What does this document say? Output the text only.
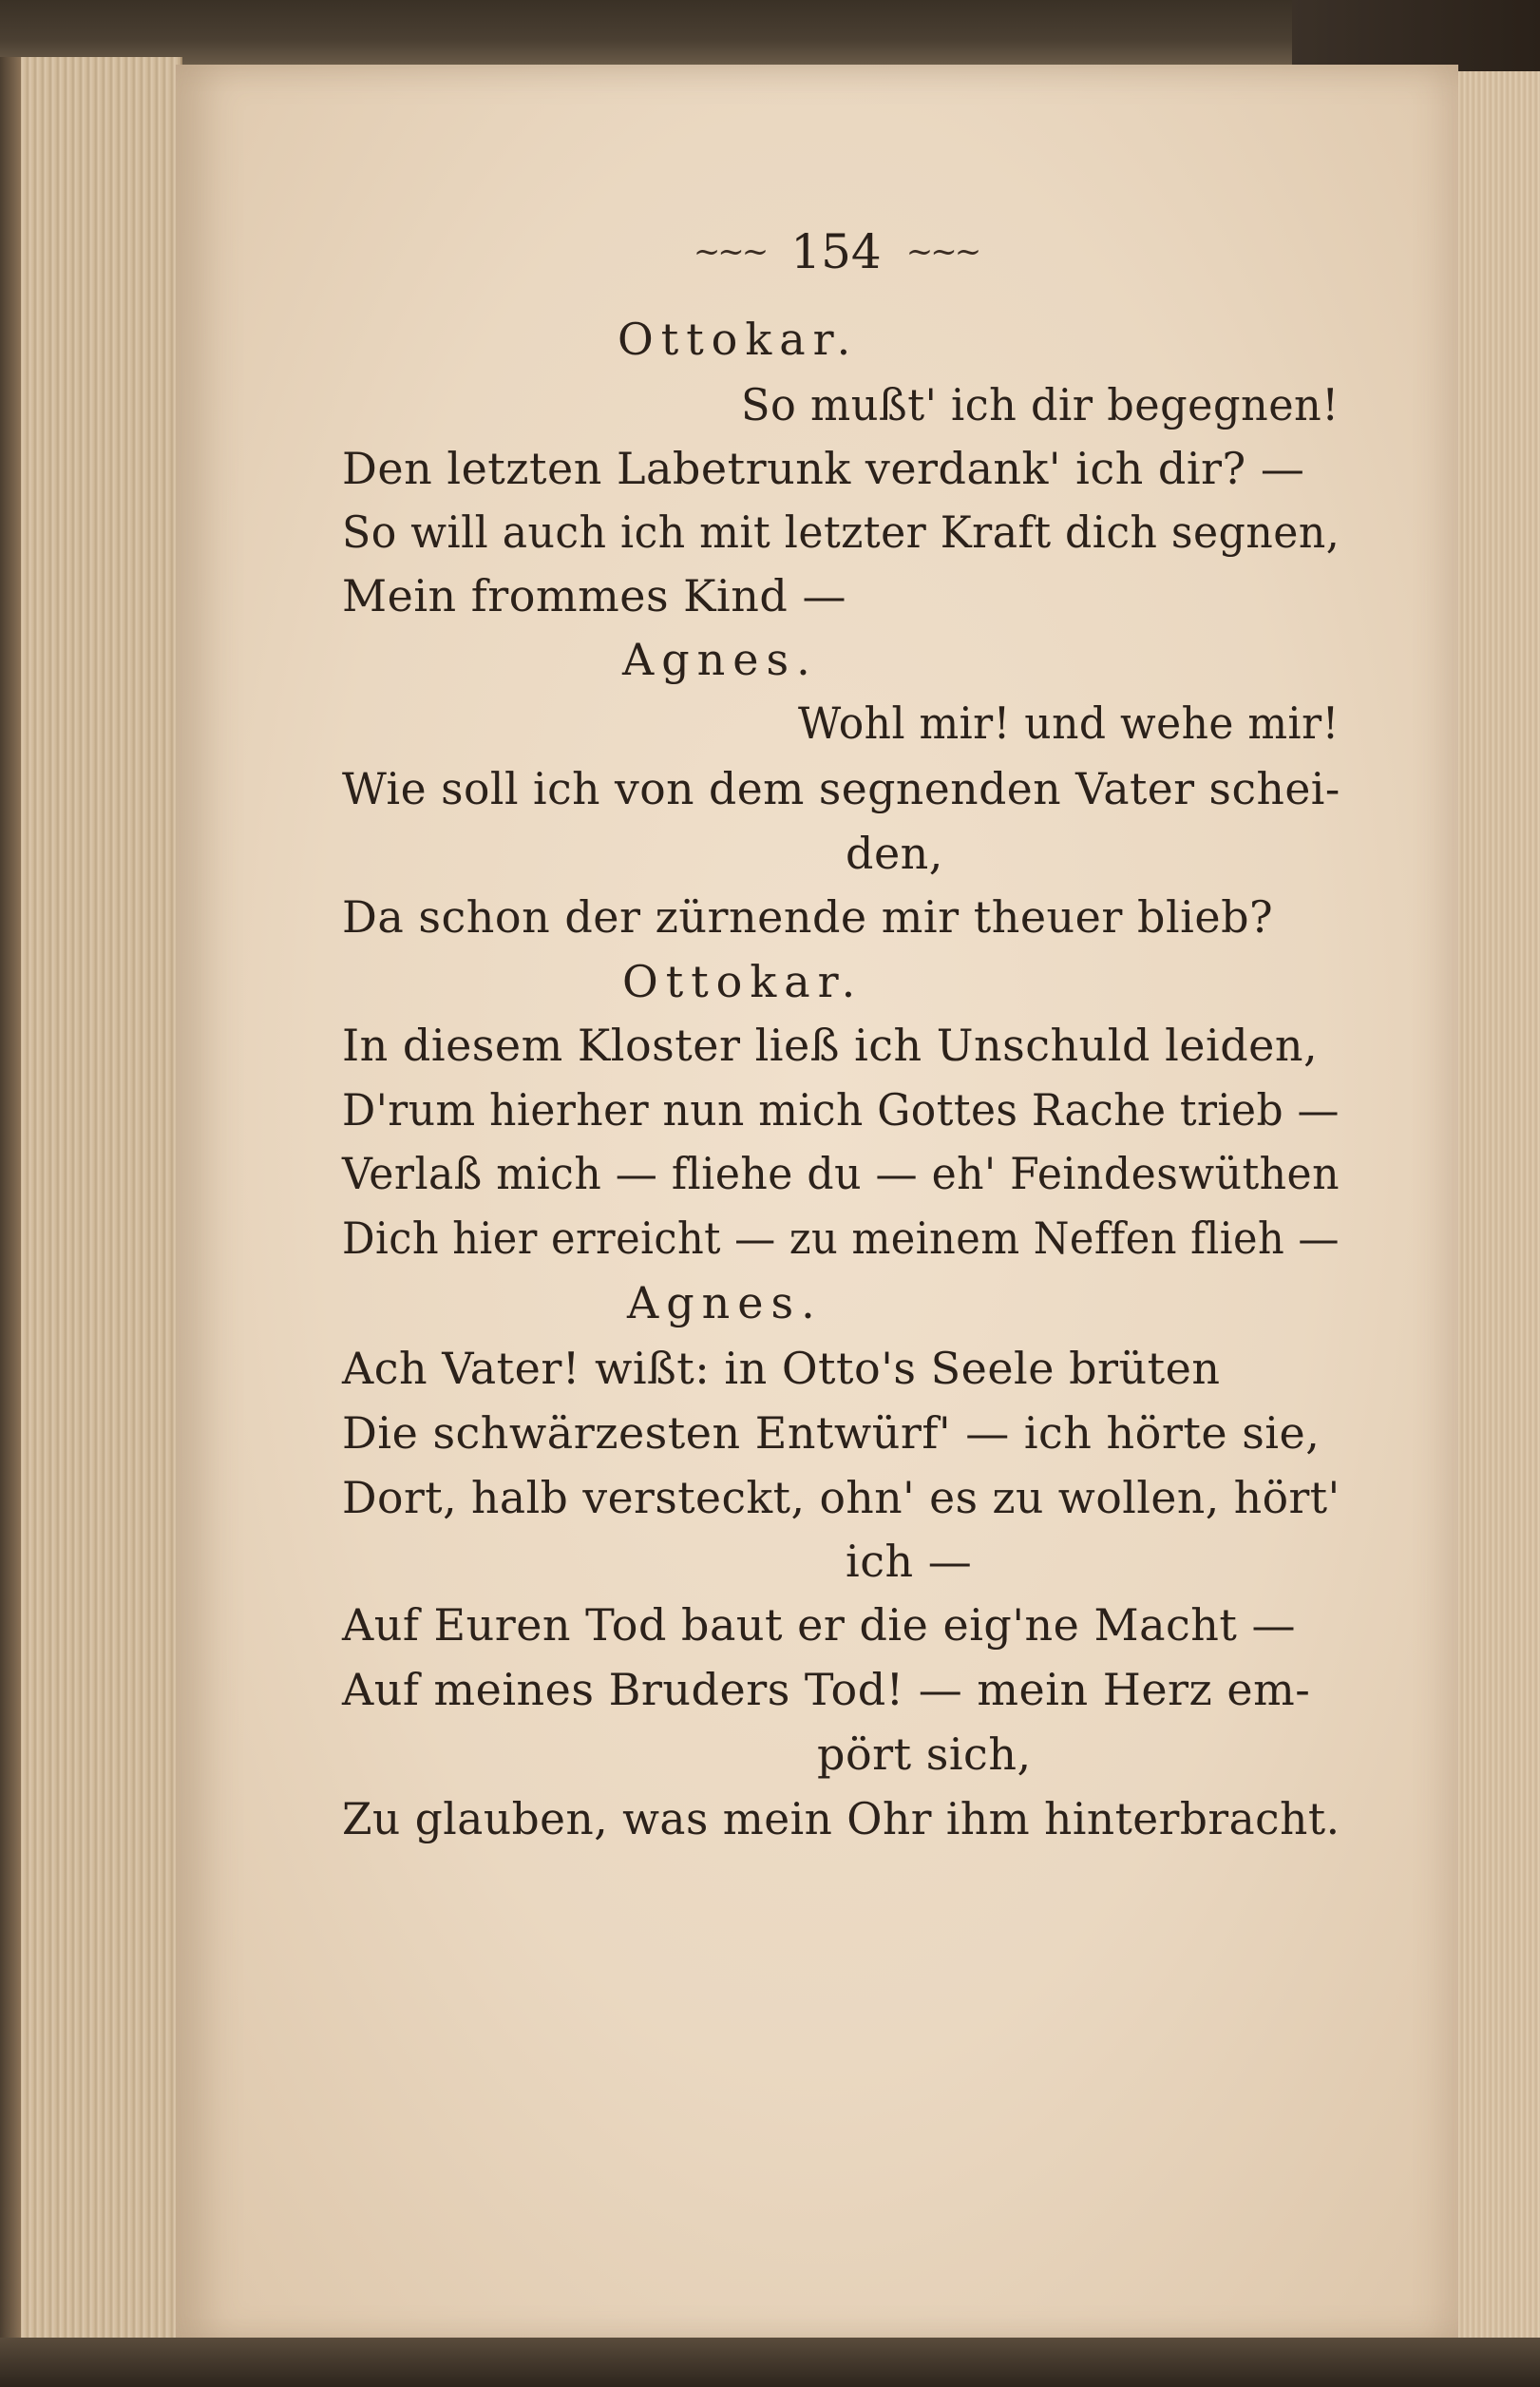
~~~ 154 ~~~
Ottokar.
So mußt' ich dir begegnen!
Den letzten Labetrunk verdank' ich dir? —
So will auch ich mit letzter Kraft dich segnen,
Mein frommes Kind —
Agnes.
Wohl mir! und wehe mir!
Wie soll ich von dem segnenden Vater schei-
den,
Da schon der zürnende mir theuer blieb?
Ottokar.
In diesem Kloster ließ ich Unschuld leiden,
D'rum hierher nun mich Gottes Rache trieb —
Verlaß mich — fliehe du — eh' Feindeswüthen
Dich hier erreicht — zu meinem Neffen flieh —
Agnes.
Ach Vater! wißt: in Otto's Seele brüten
Die schwärzesten Entwürf' — ich hörte sie,
Dort, halb versteckt, ohn' es zu wollen, hört'
ich —
Auf Euren Tod baut er die eig'ne Macht —
Auf meines Bruders Tod! — mein Herz em-
pört sich,
Zu glauben, was mein Ohr ihm hinterbracht.
